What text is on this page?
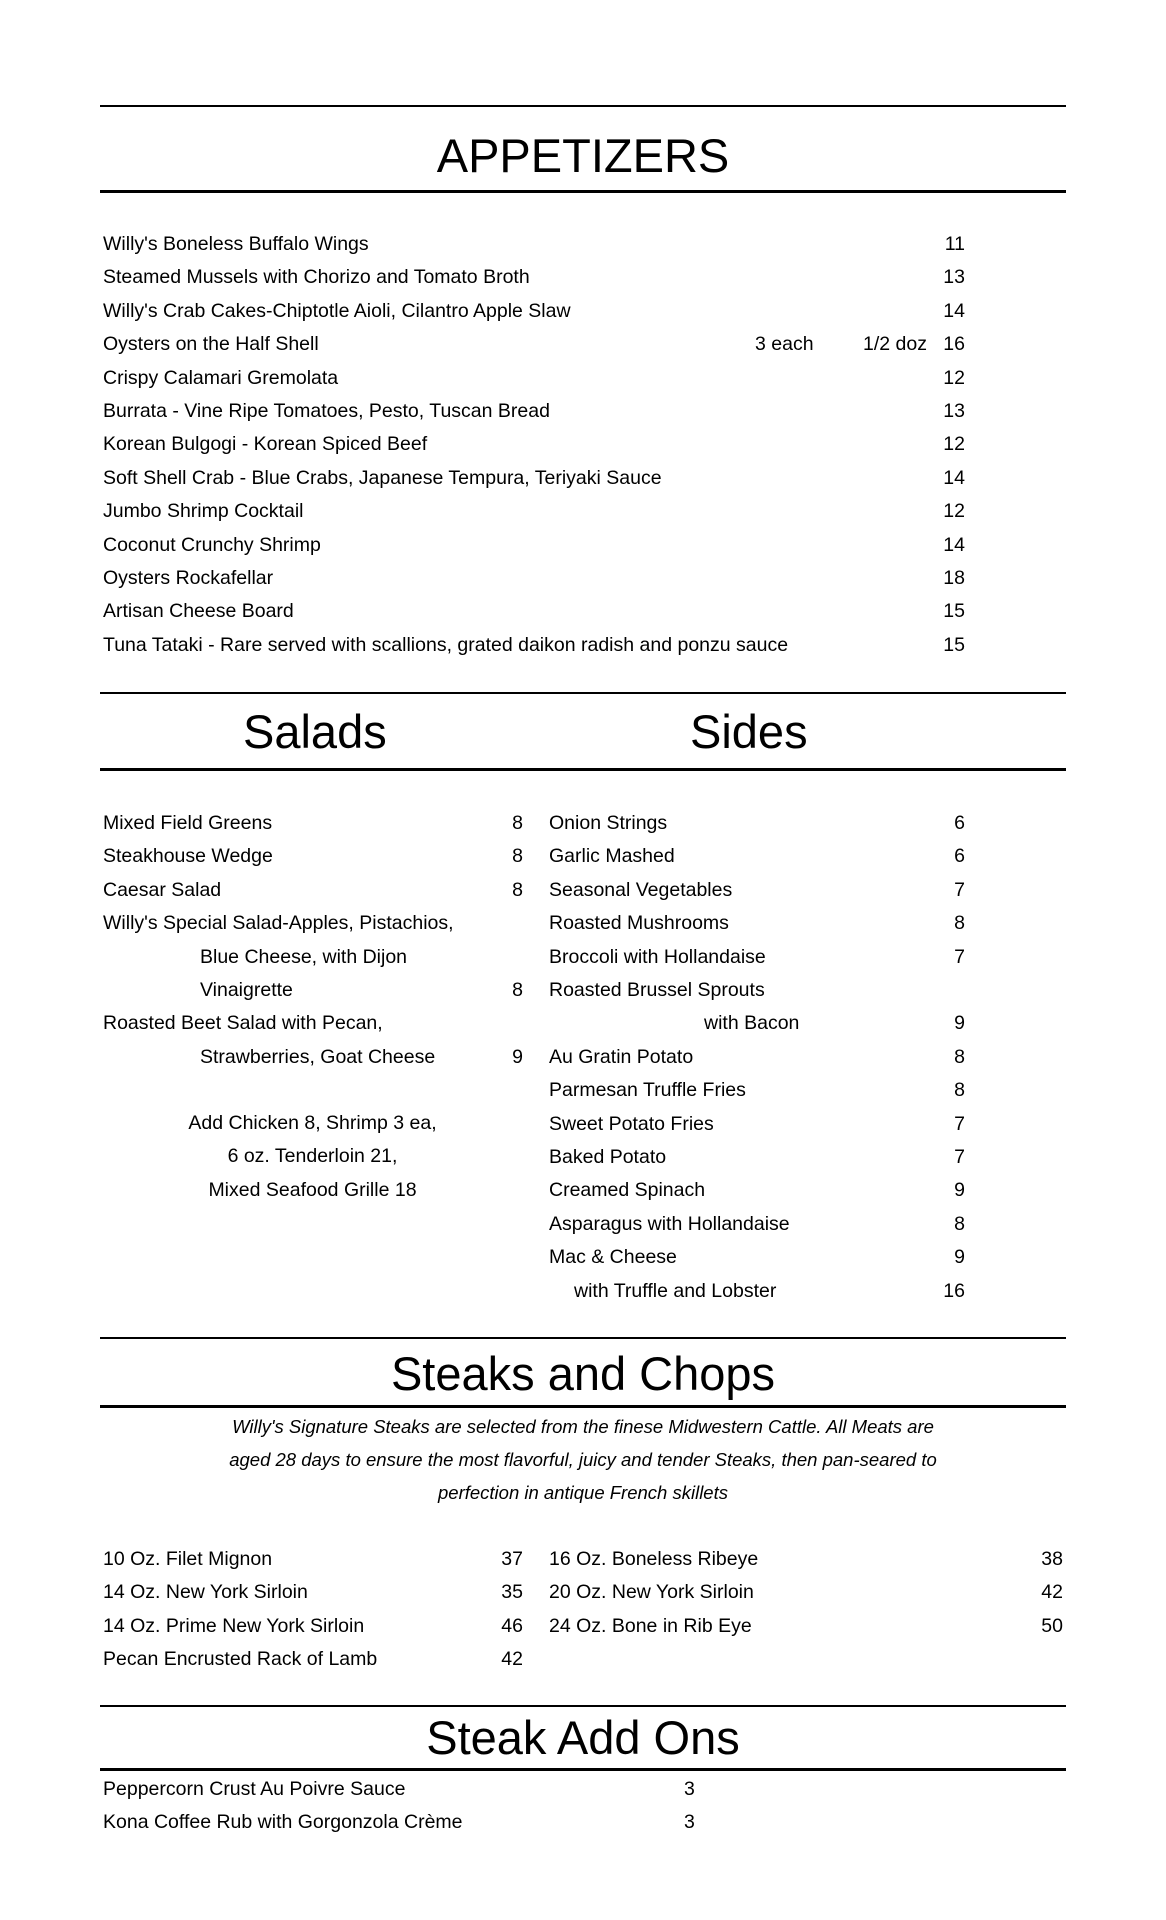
APPETIZERS
Willy's Boneless Buffalo Wings	11
Steamed Mussels with Chorizo and Tomato Broth	13
Willy's Crab Cakes-Chiptotle Aioli, Cilantro Apple Slaw	14
Oysters on the Half Shell	3 each	1/2 doz 16
Crispy Calamari Gremolata	12
Burrata - Vine Ripe Tomatoes, Pesto, Tuscan Bread	13
Korean Bulgogi - Korean Spiced Beef	12
Soft Shell Crab - Blue Crabs, Japanese Tempura, Teriyaki Sauce	14
Jumbo Shrimp Cocktail	12
Coconut Crunchy Shrimp	14
Oysters Rockafellar	18
Artisan Cheese Board	15
Tuna Tataki - Rare served with scallions, grated daikon radish and ponzu sauce	15
Salads	Sides
Mixed Field Greens	8
Steakhouse Wedge	8
Caesar Salad	8
Willy's Special Salad-Apples, Pistachios,
Blue Cheese, with Dijon
Vinaigrette	8
Roasted Beet Salad with Pecan,
Strawberries, Goat Cheese	9
Add Chicken 8, Shrimp 3 ea,
6 oz. Tenderloin 21,
Mixed Seafood Grille 18
Onion Strings	6
Garlic Mashed	6
Seasonal Vegetables	7
Roasted Mushrooms	8
Broccoli with Hollandaise	7
Roasted Brussel Sprouts
with Bacon	9
Au Gratin Potato	8
Parmesan Truffle Fries	8
Sweet Potato Fries	7
Baked Potato	7
Creamed Spinach	9
Asparagus with Hollandaise	8
Mac & Cheese	9
with Truffle and Lobster	16
Steaks and Chops
Willy's Signature Steaks are selected from the finese Midwestern Cattle. All Meats are
aged 28 days to ensure the most flavorful, juicy and tender Steaks, then pan-seared to
perfection in antique French skillets
10 Oz. Filet Mignon	37
14 Oz. New York Sirloin	35
14 Oz. Prime New York Sirloin	46
Pecan Encrusted Rack of Lamb	42
16 Oz. Boneless Ribeye	38
20 Oz. New York Sirloin	42
24 Oz. Bone in Rib Eye	50
Steak Add Ons
Peppercorn Crust Au Poivre Sauce	3
Kona Coffee Rub with Gorgonzola Crème	3
